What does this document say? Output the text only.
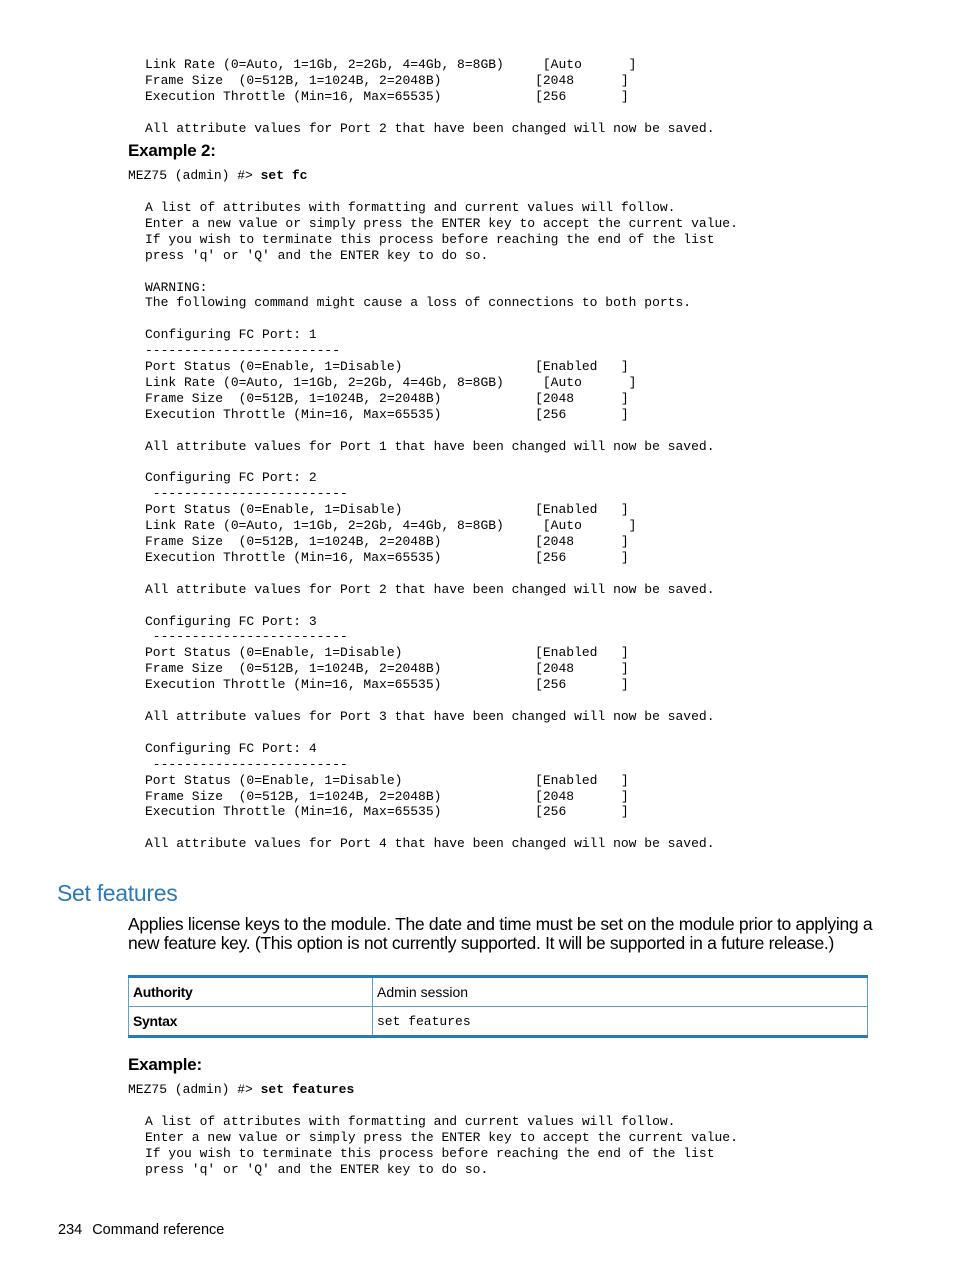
Link Rate (0=Auto, 1=1Gb, 2=2Gb, 4=4Gb, 8=8GB)     [Auto      ]
Frame Size  (0=512B, 1=1024B, 2=2048B)            [2048      ]
Execution Throttle (Min=16, Max=65535)            [256       ]

All attribute values for Port 2 that have been changed will now be saved.
Example 2:
MEZ75 (admin) #> set fc
A list of attributes with formatting and current values will follow.
Enter a new value or simply press the ENTER key to accept the current value.
If you wish to terminate this process before reaching the end of the list
press 'q' or 'Q' and the ENTER key to do so.

WARNING:
The following command might cause a loss of connections to both ports.

Configuring FC Port: 1
-------------------------
Port Status (0=Enable, 1=Disable)                 [Enabled   ]
Link Rate (0=Auto, 1=1Gb, 2=2Gb, 4=4Gb, 8=8GB)     [Auto      ]
Frame Size  (0=512B, 1=1024B, 2=2048B)            [2048      ]
Execution Throttle (Min=16, Max=65535)            [256       ]

All attribute values for Port 1 that have been changed will now be saved.

Configuring FC Port: 2
-------------------------
Port Status (0=Enable, 1=Disable)                 [Enabled   ]
Link Rate (0=Auto, 1=1Gb, 2=2Gb, 4=4Gb, 8=8GB)     [Auto      ]
Frame Size  (0=512B, 1=1024B, 2=2048B)            [2048      ]
Execution Throttle (Min=16, Max=65535)            [256       ]

All attribute values for Port 2 that have been changed will now be saved.

Configuring FC Port: 3
-------------------------
Port Status (0=Enable, 1=Disable)                 [Enabled   ]
Frame Size  (0=512B, 1=1024B, 2=2048B)            [2048      ]
Execution Throttle (Min=16, Max=65535)            [256       ]

All attribute values for Port 3 that have been changed will now be saved.

Configuring FC Port: 4
-------------------------
Port Status (0=Enable, 1=Disable)                 [Enabled   ]
Frame Size  (0=512B, 1=1024B, 2=2048B)            [2048      ]
Execution Throttle (Min=16, Max=65535)            [256       ]

All attribute values for Port 4 that have been changed will now be saved.
Set features

Applies license keys to the module. The date and time must be set on the module prior to applying a new feature key. (This option is not currently supported. It will be supported in a future release.)

Authority	Admin session
Syntax	set features
Example:
MEZ75 (admin) #> set features
A list of attributes with formatting and current values will follow.
Enter a new value or simply press the ENTER key to accept the current value.
If you wish to terminate this process before reaching the end of the list
press 'q' or 'Q' and the ENTER key to do so.
234 Command reference
